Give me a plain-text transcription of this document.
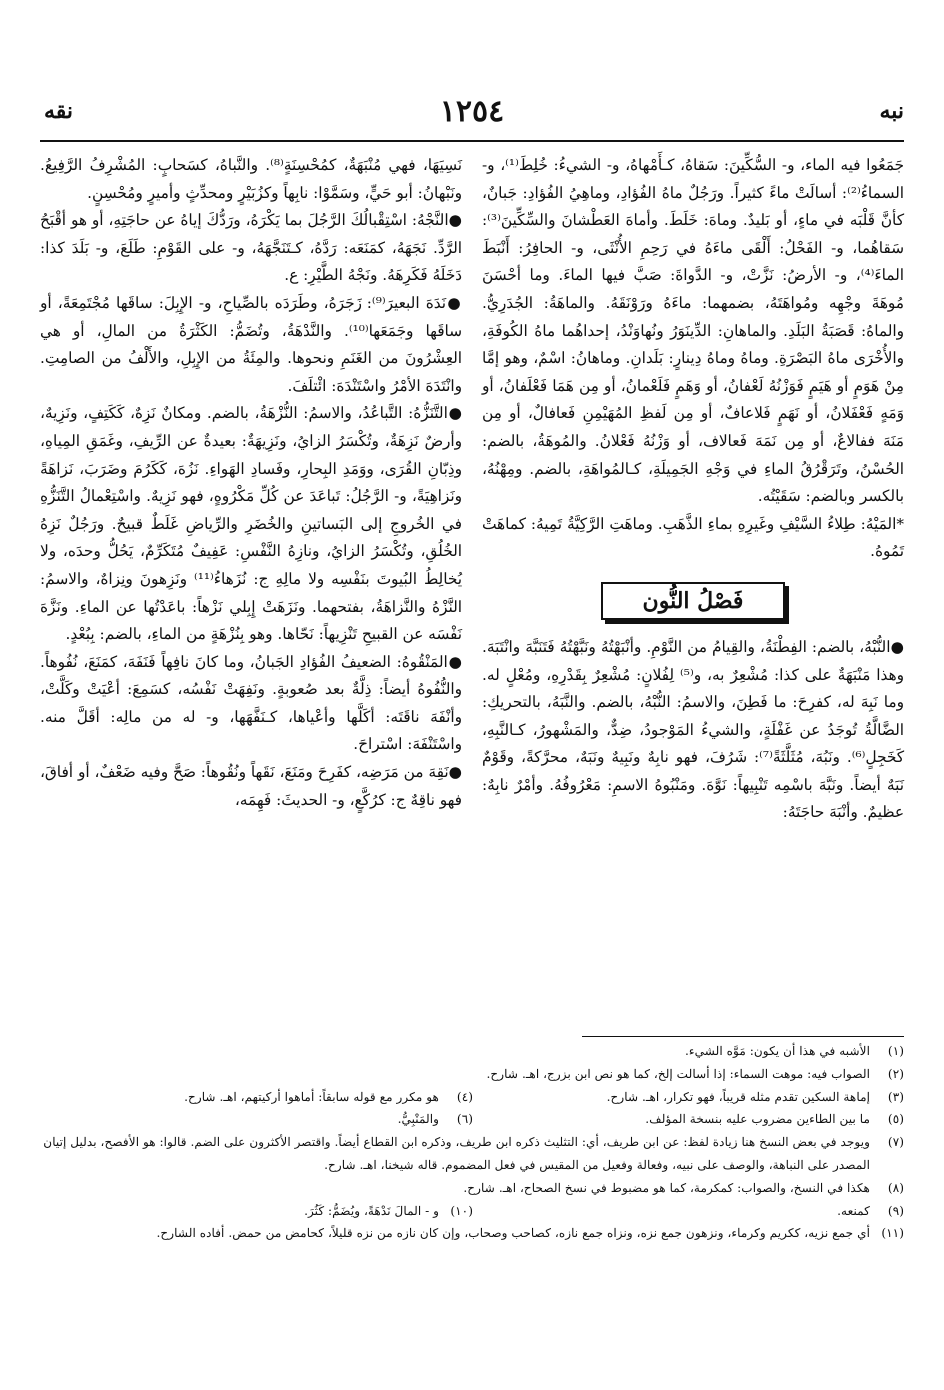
نبه
١٢٥٤
نقه

جَمَعُوا فيه الماء، و- السُّكِّينَ: سَقاهُ، كـأَمْهاهُ، و- الشيءُ: خُلِطَ⁽¹⁾، و- السماءُ⁽²⁾: أسالَتْ ماءً كثيراً. ورَجُلٌ ماهُ الفُؤادِ، وماهِيُ الفُؤادِ: جَبانٌ، كأنَّ قَلْبَه في ماءٍ، أو بَليدٌ. وماهَ: خَلَطَ. وأماهَ العَطْشانَ والسِّكِّينَ⁽³⁾: سَقاهُما، و- الفَحْلُ: أَلْقَى ماءَهُ في رَحِمِ الأُنْثَى، و- الحافِرُ: أَنْبَطَ الماءَ⁽⁴⁾، و- الأرضُ: نَزَّتْ، و- الدَّواةَ: صَبَّ فيها الماءَ. وما أحْسَنَ مُوهَةَ وجْهِه ومُواهَتَهُ، بضمهما: ماءَهُ ورَوْنَقَهُ. والماهَةُ: الجُدَرِيُّ. والماهُ: قَصَبَةُ البَلَدِ. والماهانِ: الدِّينَوَرُ ونُهاوَنْدُ، إحداهُما ماهُ الكُوفَةِ، والأُخْرَى ماهُ البَصْرَةِ. وماهُ وماهُ دِينارٍ: بَلَدانِ. وماهانُ: اسْمٌ، وهو إمَّا مِنْ هَوَمٍ أو هَيَمٍ فَوَزْنُهُ لَعْفانُ، أو وَهَمٍ فَلَعْمانُ، أو مِن هَمَا فَعْلَفانُ، أو وَمَهٍ فَعْفَلانُ، أو نَهَمٍ فَلاعافٌ، أو مِن لَفظِ المُهَيْمِنِ فَعافالٌ، أو مِن مَنَهَ ففالاعٌ، أو مِن نَمَهَ فَعالاف، أو وَزْنُهُ فَعْلانُ. والمُوهَةُ، بالضم: الحُسْنُ، وتَرَقْرُقُ الماءِ في وَجْهِ الجَمِيلَةِ، كـالمُواهَةِ، بالضم. ومِهْنُهُ، بالكسر وبالضم: سَقَيْتُه.

*المَيْهُ: طِلاءُ السَّيْفِ وغَيرِهِ بماءِ الذَّهَبِ. وماهَتِ الرَّكِيَّةُ تَمِيهُ: كماهَتْ تَمُوهُ.

فَصْلُ النُّون

●النُّبْهُ، بالضم: الفِطْنَةُ، والقِيامُ من النَّوْمِ. وأنْبَهْتُهُ ونَبَّهْتُهُ فَتَنَبَّهَ وانْتَبَهَ. وهذا مَنْبَهَةٌ على كذا: مُشْعِرٌ به، و⁽⁵⁾ لِفُلانٍ: مُشْعِرٌ بِقَدْرِهِ، ومُعْلٍ له. وما نَبِهَ له، كفرِحَ: ما فَطِنَ، والاسمُ: النُّبْهُ، بالضم. والنَّبَهُ، بالتحريكِ: الضَّالَّةُ تُوجَدُ عن غَفْلَةٍ، والشيءُ المَوْجودُ، ضِدٌّ، والمَشْهورُ، كـالنَّبِهِ، كَخَجِلٍ⁽⁶⁾. ونَبُهَ، مُثَلَّثَةً⁽⁷⁾: شَرُفَ، فهو نابِهٌ ونَبِيهٌ ونَبَهٌ، محرَّكةً، وقَوْمٌ نَبَهٌ أيضاً. ونَبَّهَ باسْمِه تَنْبِيهاً: نَوَّهَ. ومَنْبُوهُ الاسمِ: مَعْرُوفُهُ. وأمْرٌ نابِهٌ: عظيمٌ. وأنْبَهَ حاجَتَهُ:

نَسِيَهَا، فهي مُنْبَهَةٌ، كمُحْسِنَةٍ⁽⁸⁾. والنَّباهُ، كسَحابٍ: المُشْرِفُ الرَّفِيعُ. ونَبْهانُ: أبو حَيٍّ، وسَمَّوْا: نابِهاً وكزُبَيْرٍ ومحدِّثٍ وأميرٍ ومُحْسِنٍ.

●النَّجْهُ: اسْتِقْبالُكَ الرَّجُلَ بما يَكْرَهُ، ورَدُّكَ إياهُ عن حاجَتِهِ، أو هو أقْبَحُ الرَّدِّ. نَجَهَهُ، كمَنَعَه: رَدَّهُ، كـتَنَجَّهَهُ، و- على القَوْمِ: طَلَعَ، و- بَلَدَ كذا: دَخَلَهُ فَكَرِهَهُ. ونَجْهُ الطَّيْرِ: ع.

●نَدَهَ البعيرَ⁽⁹⁾: زَجَرَهُ، وطَرَدَه بالصِّياحِ، و- الإِبِلَ: ساقَها مُجْتَمِعَةً، أو ساقَها وجَمَعَها⁽¹⁰⁾. والنَّدْهَةُ، وتُضَمُّ: الكَثْرَةُ من المالِ، أو هي العِشْرُونَ من الغَنَمِ ونحوها. والمِئَةُ من الإِبِلِ، والأَلْفُ من الصامِتِ. وانْتَدَهَ الأمْرُ واسْتَنْدَهَ: ائْتلَفَ.

●التَّنَزُّهُ: التَّباعُدُ، والاسمُ: النُّزْهَةُ، بالضم. ومكانٌ نَزِهٌ، كَكَتِفٍ، ونَزِيهٌ، وأرضٌ نَزِهَةٌ، وتُكْسَرُ الزايُ، ونَزِيهَةٌ: بعيدةٌ عن الرِّيفِ، وغَمَقِ المِياهِ، وذِبّانِ القُرَى، ووَمَدِ البِحارِ، وفَسادِ الهَواءِ. نَزُهَ، كَكَرُمَ وضَرَبَ، نَزاهَةً ونَزاهِيَةً، و- الرَّجُلُ: تَباعَدَ عن كُلِّ مَكْرُوهٍ، فهو نَزِيهٌ. واسْتِعْمالُ التَّنَزُّهِ في الخُروجِ إلى البَساتينِ والخُضَرِ والرِّياضِ غَلَطٌ قبيحٌ. ورَجُلٌ نَزِهُ الخُلُقِ، وتُكْسَرُ الزايُ، ونازِهُ النَّفْسِ: عَفِيفٌ مُتَكَرِّمٌ، يَحُلُّ وحدَه، ولا يُخالِطُ البُيوتَ بنَفْسِه ولا مالِهِ ج: نُزَهاءُ⁽¹¹⁾ ونَزِهونَ ونِزاهٌ، والاسمُ: النَّزْهُ والنَّزاهَةُ، بفتحهما. ونَزَهَتْ إِبِلي نَزْهاً: باعَدْتُها عن الماءِ. ونَزَّهَ نَفْسَه عن القبيحِ تَنْزِيهاً: نَحّاها. وهو بِنُزْهَةٍ من الماءِ، بالضم: بِبُعْدٍ.

●المَنْقُوهُ: الضعيفُ الفُؤادِ الجَبانُ، وما كانَ نافِهاً فَنَفَهَ، كمَنَعَ، نُفُوهاً. والنُّفُوهُ أيضاً: ذِلَّةٌ بعد صُعوبةٍ. ونَفِهَتْ نَفْسُه، كسَمِعَ: أعْيَتْ وكَلَّتْ، وأنْفَهَ ناقَتَه: أكَلَّها وأعْياها، كـنَفَّهَها، و- له من مالِه: أقَلَّ منه. واسْتَنْفَهَ: اسْتراحَ.

●نَقِهَ من مَرَضِه، كفَرِحَ ومَنَعَ، نَقَهاً ونُقُوهاً: صَحَّ وفيه ضَعْفٌ، أو أفاقَ، فهو ناقِهٌ ج: كرُكَّعٍ، و- الحديثَ: فَهِمَه،

(١)
الأشبه في هذا أن يكون: مَوَّه الشيء.
(٢)
الصواب فيه: موهت السماء: إذا أسالت إلخ، كما هو نص ابن بزرج، اهـ. شارح.
(٣)
إماهة السكين تقدم مثله قريباً، فهو تكرار، اهـ. شارح.
(٤)
هو مكرر مع قوله سابقاً: أماهوا أركيتهم، اهـ. شارح.
(٥)
ما بين الطاءين مضروب عليه بنسخة المؤلف.
(٦)
والمَنْبِيُّ.
(٧)
ويوجد في بعض النسخ هنا زيادة لفظ: عن ابن طريف، أي: التثليث ذكره ابن طريف، وذكره ابن القطاع أيضاً. واقتصر الأكثرون على الضم. قالوا: هو الأفصح، بدليل إتيان المصدر على النباهة، والوصف على نبيه، وفعالة وفعيل من المقيس في فعل المضموم. قاله شيخنا، اهـ. شارح.
(٨)
هكذا في النسخ، والصواب: كمكرمة، كما هو مضبوط في نسخ الصحاح، اهـ. شارح.
(٩)
كمنعه.
(١٠)
و - المالَ نَدْهَةً، ويُضَمُّ: كَثُرَ.
(١١)
أي جمع نزيه، ككريم وكرماء، ونزهون جمع نزه، ونزاه جمع نازه، كصاحب وصحاب، وإن كان نازه من نزه قليلاً، كحامض من حمض. أفاده الشارح.
